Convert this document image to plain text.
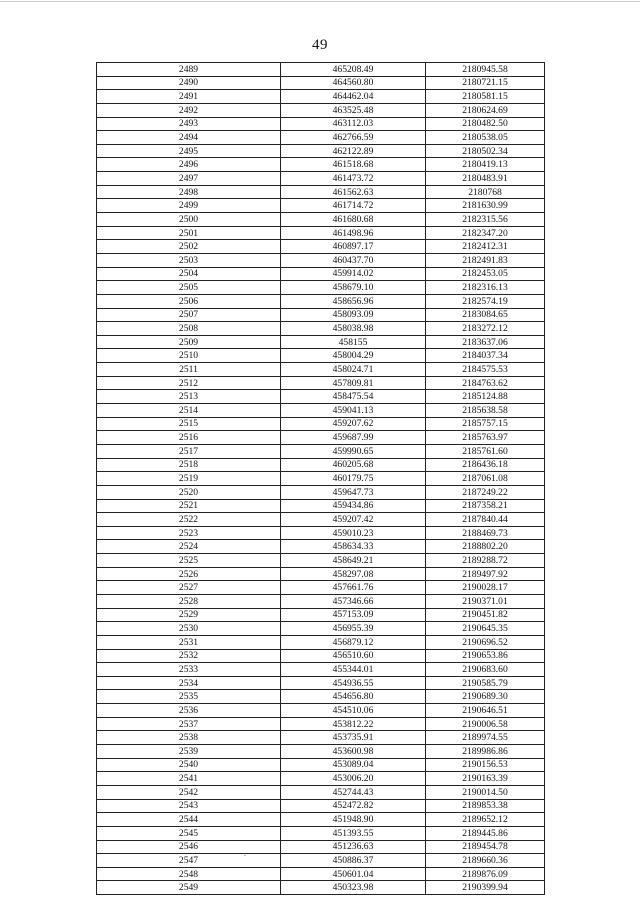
49
2489	465208.49	2180945.58
2490	464560.80	2180721.15
2491	464462.04	2180581.15
2492	463525.48	2180624.69
2493	463112.03	2180482.50
2494	462766.59	2180538.05
2495	462122.89	2180502.34
2496	461518.68	2180419.13
2497	461473.72	2180483.91
2498	461562.63	2180768
2499	461714.72	2181630.99
2500	461680.68	2182315.56
2501	461498.96	2182347.20
2502	460897.17	2182412.31
2503	460437.70	2182491.83
2504	459914.02	2182453.05
2505	458679.10	2182316.13
2506	458656.96	2182574.19
2507	458093.09	2183084.65
2508	458038.98	2183272.12
2509	458155	2183637.06
2510	458004.29	2184037.34
2511	458024.71	2184575.53
2512	457809.81	2184763.62
2513	458475.54	2185124.88
2514	459041.13	2185638.58
2515	459207.62	2185757.15
2516	459687.99	2185763.97
2517	459990.65	2185761.60
2518	460205.68	2186436.18
2519	460179.75	2187061.08
2520	459647.73	2187249.22
2521	459434.86	2187358.21
2522	459207.42	2187840.44
2523	459010.23	2188469.73
2524	458634.33	2188802.20
2525	458649.21	2189288.72
2526	458297.08	2189497.92
2527	457661.76	2190028.17
2528	457346.66	2190371.01
2529	457153.09	2190451.82
2530	456955.39	2190645.35
2531	456879.12	2190696.52
2532	456510.60	2190653.86
2533	455344.01	2190683.60
2534	454936.55	2190585.79
2535	454656.80	2190689.30
2536	454510.06	2190646.51
2537	453812.22	2190006.58
2538	453735.91	2189974.55
2539	453600.98	2189986.86
2540	453089.04	2190156.53
2541	453006.20	2190163.39
2542	452744.43	2190014.50
2543	452472.82	2189853.38
2544	451948.90	2189652.12
2545	451393.55	2189445.86
2546	451236.63	2189454.78
2547	450886.37	2189660.36
2548	450601.04	2189876.09
2549	450323.98	2190399.94
